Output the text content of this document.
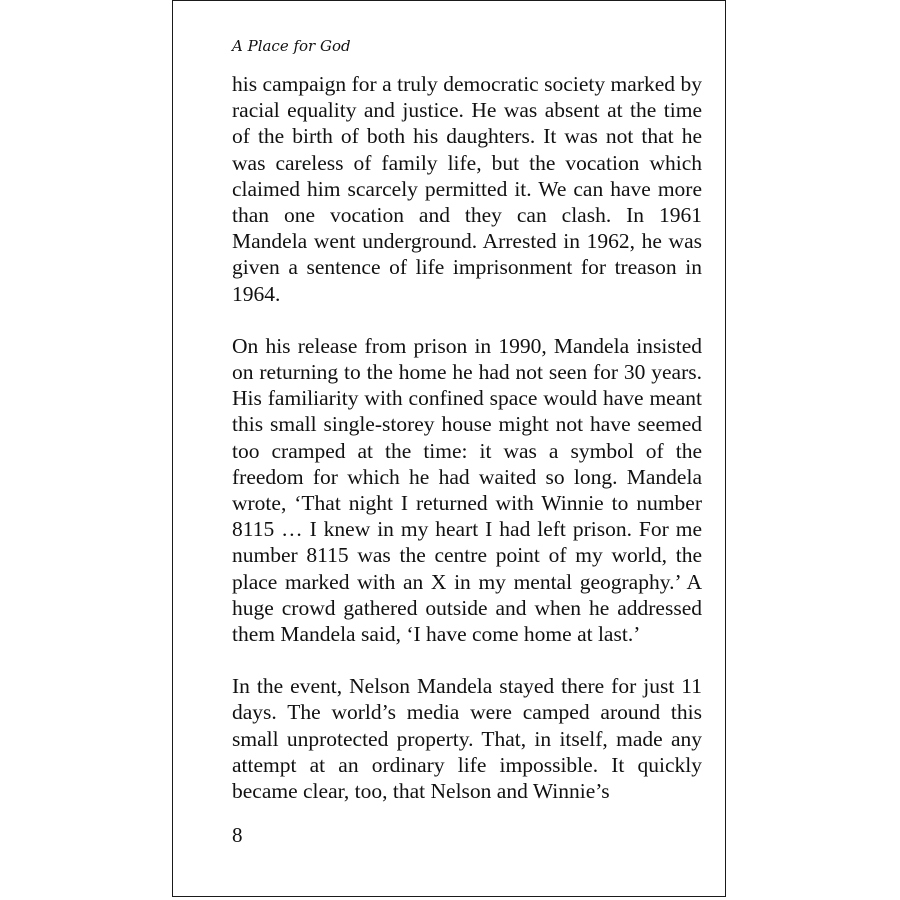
A Place for God

his campaign for a truly democratic society marked by racial equality and justice. He was absent at the time of the birth of both his daughters. It was not that he was careless of family life, but the vocation which claimed him scarcely permitted it. We can have more than one vocation and they can clash. In 1961 Mandela went underground. Arrested in 1962, he was given a sentence of life imprisonment for treason in 1964.

On his release from prison in 1990, Mandela insisted on returning to the home he had not seen for 30 years. His familiarity with confined space would have meant this small single-storey house might not have seemed too cramped at the time: it was a symbol of the freedom for which he had waited so long. Mandela wrote, ‘That night I returned with Winnie to number 8115 … I knew in my heart I had left prison. For me number 8115 was the centre point of my world, the place marked with an X in my mental geography.’ A huge crowd gathered outside and when he addressed them Mandela said, ‘I have come home at last.’

In the event, Nelson Mandela stayed there for just 11 days. The world’s media were camped around this small unprotected property. That, in itself, made any attempt at an ordinary life impossible. It quickly became clear, too, that Nelson and Winnie’s

8
